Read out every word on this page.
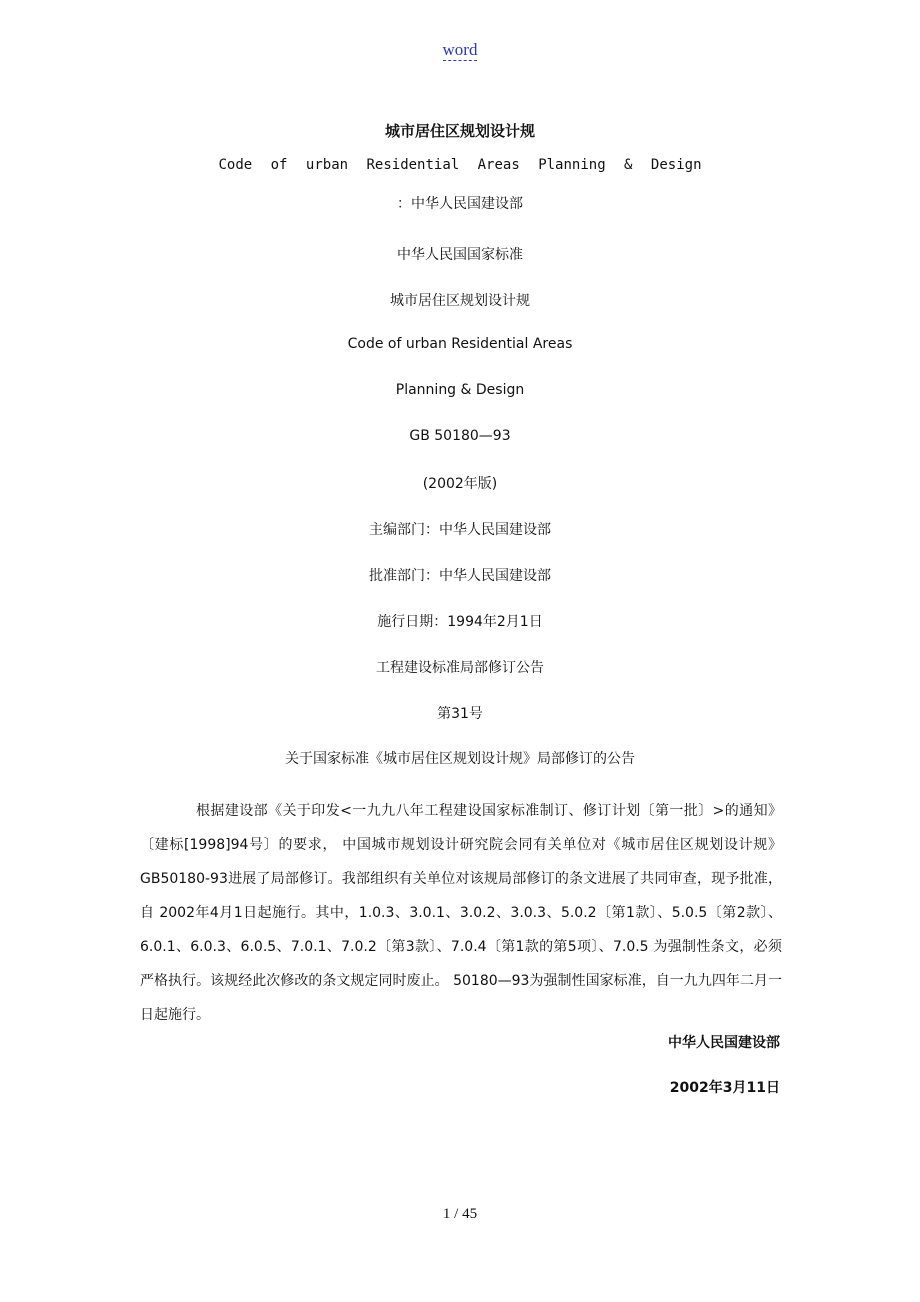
word
城市居住区规划设计规
Code of urban Residential Areas Planning & Design
：中华人民国建设部
中华人民国国家标准
城市居住区规划设计规
Code of urban Residential Areas
Planning & Design
GB 50180—93
(2002年版)
主编部门：中华人民国建设部
批准部门：中华人民国建设部
施行日期：1994年2月1日
工程建设标准局部修订公告
第31号
关于国家标准《城市居住区规划设计规》局部修订的公告
根据建设部《关于印发<一九九八年工程建设国家标准制订、修订计划〔第一批〕>的通知》〔建标[1998]94号〕的要求， 中国城市规划设计研究院会同有关单位对《城市居住区规划设计规》GB50180-93进展了局部修订。我部组织有关单位对该规局部修订的条文进展了共同审查，现予批准，自 2002年4月1日起施行。其中，1.0.3、3.0.1、3.0.2、3.0.3、5.0.2〔第1款〕、5.0.5〔第2款〕、6.0.1、6.0.3、6.0.5、7.0.1、7.0.2〔第3款〕、7.0.4〔第1款的第5项〕、7.0.5 为强制性条文，必须严格执行。该规经此次修改的条文规定同时废止。 50180—93为强制性国家标准，自一九九四年二月一日起施行。
中华人民国建设部
2002年3月11日
1 / 45
